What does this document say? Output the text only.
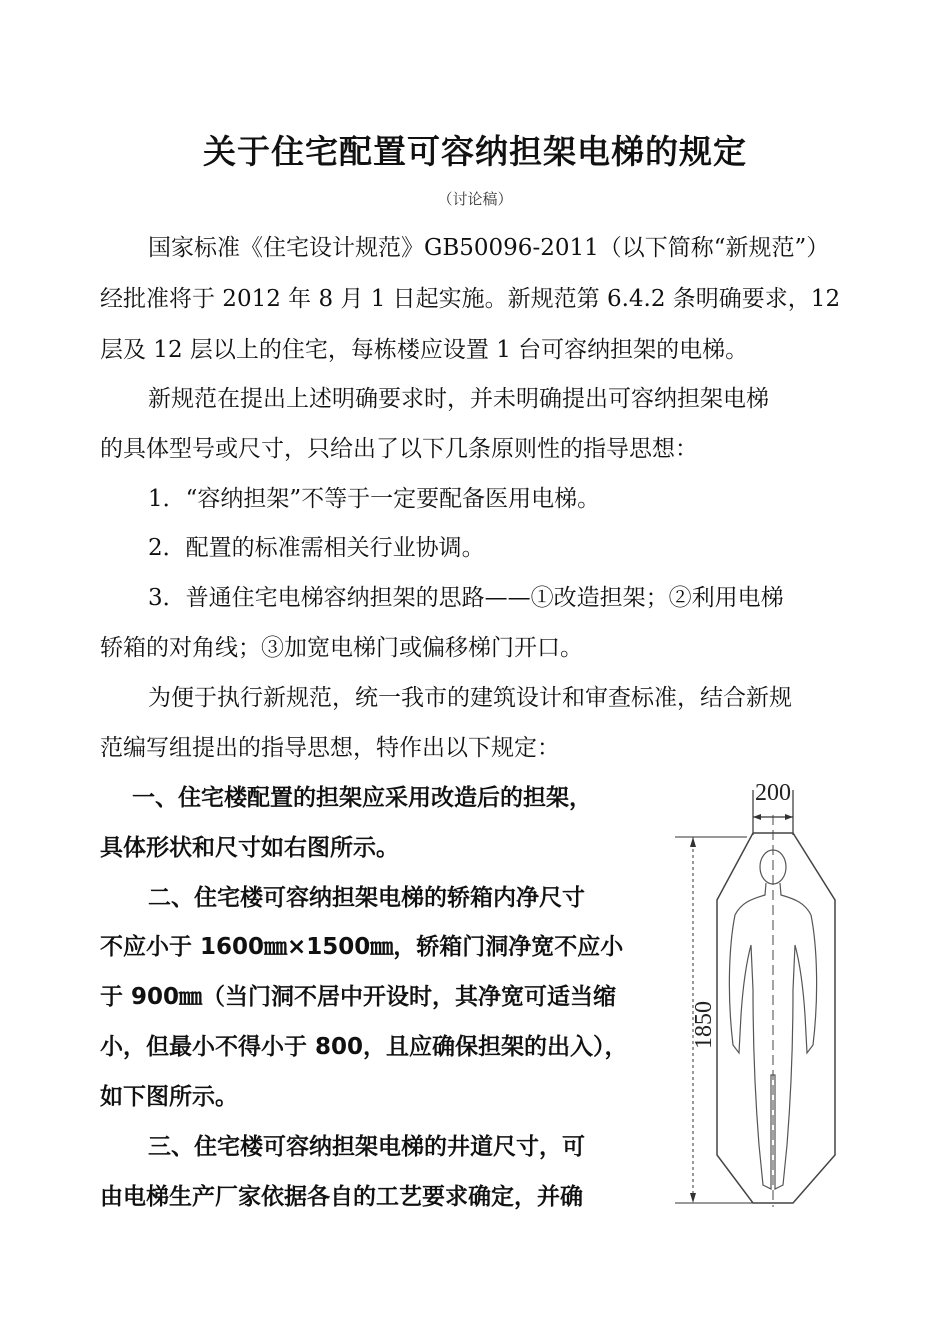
关于住宅配置可容纳担架电梯的规定
（讨论稿）
国家标准《住宅设计规范》GB50096-2011（以下简称“新规范”）
经批准将于 2012 年 8 月 1 日起实施。新规范第 6.4.2 条明确要求，12
层及 12 层以上的住宅，每栋楼应设置 1 台可容纳担架的电梯。
新规范在提出上述明确要求时，并未明确提出可容纳担架电梯
的具体型号或尺寸，只给出了以下几条原则性的指导思想：
1．“容纳担架”不等于一定要配备医用电梯。
2．配置的标准需相关行业协调。
3．普通住宅电梯容纳担架的思路——①改造担架；②利用电梯
轿箱的对角线；③加宽电梯门或偏移梯门开口。
为便于执行新规范，统一我市的建筑设计和审查标准，结合新规
范编写组提出的指导思想，特作出以下规定：
一、住宅楼配置的担架应采用改造后的担架，
具体形状和尺寸如右图所示。
二、住宅楼可容纳担架电梯的轿箱内净尺寸
不应小于 1600㎜×1500㎜，轿箱门洞净宽不应小
于 900㎜（当门洞不居中开设时，其净宽可适当缩
小，但最小不得小于 800，且应确保担架的出入），
如下图所示。
三、住宅楼可容纳担架电梯的井道尺寸，可
由电梯生产厂家依据各自的工艺要求确定，并确
200
1850
